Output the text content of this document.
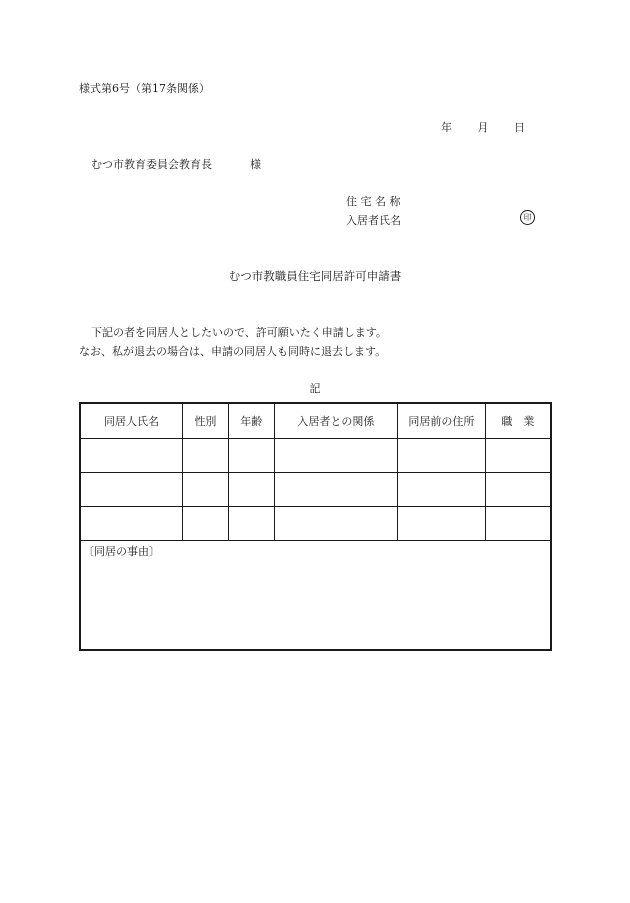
様式第6号（第17条関係）
年 月 日
むつ市教育委員会教育長	様
住 宅 名 称
入居者氏名	印
むつ市教職員住宅同居許可申請書
下記の者を同居人としたいので、許可願いたく申請します。
なお、私が退去の場合は、申請の同居人も同時に退去します。
記
同居人氏名	性別	年齢	入居者との関係	同居前の住所	職　業

〔同居の事由〕					
